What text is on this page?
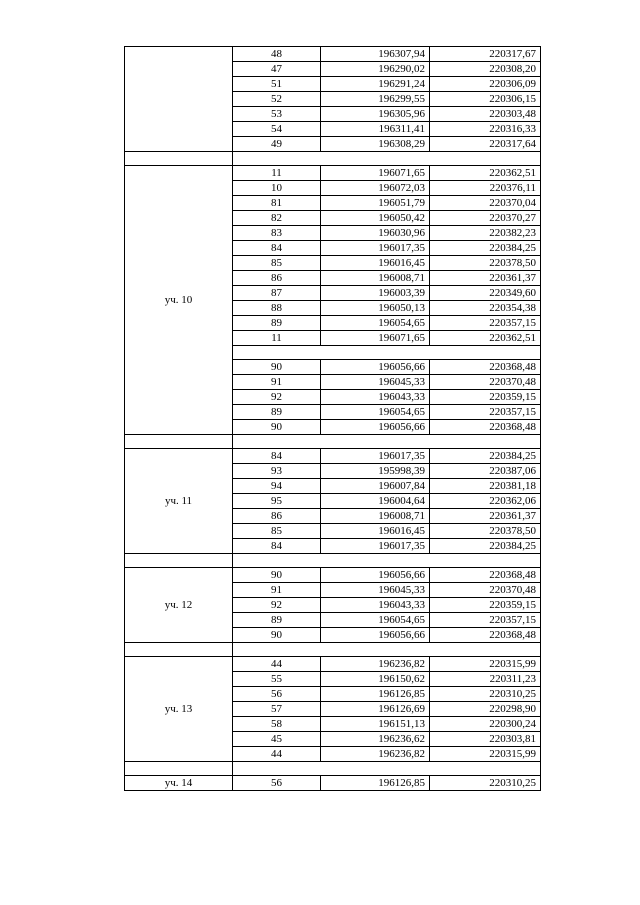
	48	196307,94	220317,67
	47	196290,02	220308,20
	51	196291,24	220306,09
	52	196299,55	220306,15
	53	196305,96	220303,48
	54	196311,41	220316,33
	49	196308,29	220317,64

уч. 10	11	196071,65	220362,51
	10	196072,03	220376,11
	81	196051,79	220370,04
	82	196050,42	220370,27
	83	196030,96	220382,23
	84	196017,35	220384,25
	85	196016,45	220378,50
	86	196008,71	220361,37
	87	196003,39	220349,60
	88	196050,13	220354,38
	89	196054,65	220357,15
	11	196071,65	220362,51

	90	196056,66	220368,48
	91	196045,33	220370,48
	92	196043,33	220359,15
	89	196054,65	220357,15
	90	196056,66	220368,48

уч. 11	84	196017,35	220384,25
	93	195998,39	220387,06
	94	196007,84	220381,18
	95	196004,64	220362,06
	86	196008,71	220361,37
	85	196016,45	220378,50
	84	196017,35	220384,25

уч. 12	90	196056,66	220368,48
	91	196045,33	220370,48
	92	196043,33	220359,15
	89	196054,65	220357,15
	90	196056,66	220368,48

уч. 13	44	196236,82	220315,99
	55	196150,62	220311,23
	56	196126,85	220310,25
	57	196126,69	220298,90
	58	196151,13	220300,24
	45	196236,62	220303,81
	44	196236,82	220315,99

уч. 14	56	196126,85	220310,25
